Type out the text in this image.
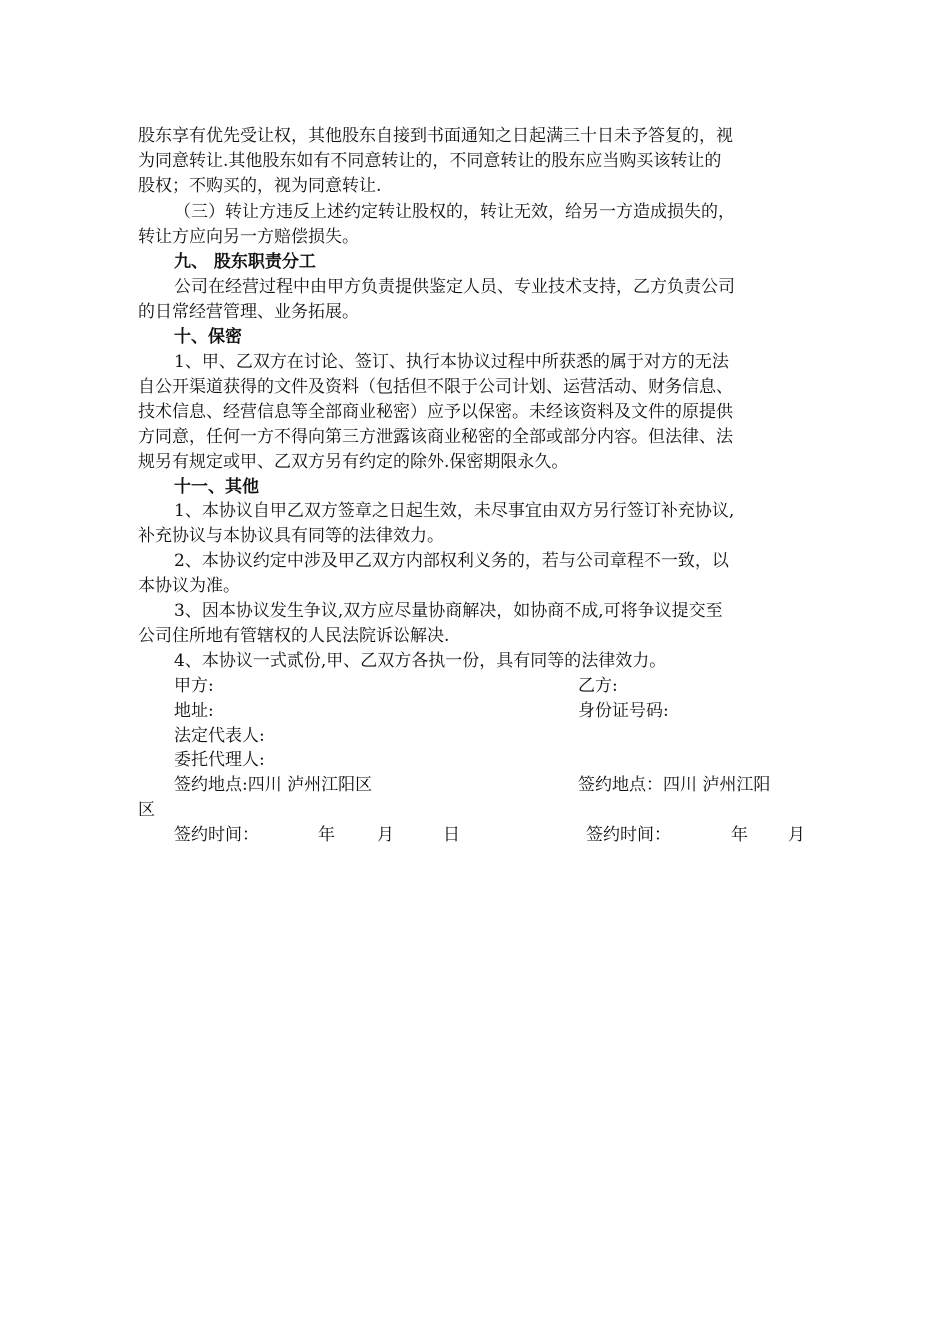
股东享有优先受让权，其他股东自接到书面通知之日起满三十日未予答复的，视
为同意转让.其他股东如有不同意转让的，不同意转让的股东应当购买该转让的
股权；不购买的，视为同意转让.
（三）转让方违反上述约定转让股权的，转让无效，给另一方造成损失的，
转让方应向另一方赔偿损失。
九、 股东职责分工
公司在经营过程中由甲方负责提供鉴定人员、专业技术支持，乙方负责公司
的日常经营管理、业务拓展。
十、保密
1、甲、乙双方在讨论、签订、执行本协议过程中所获悉的属于对方的无法
自公开渠道获得的文件及资料（包括但不限于公司计划、运营活动、财务信息、
技术信息、经营信息等全部商业秘密）应予以保密。未经该资料及文件的原提供
方同意，任何一方不得向第三方泄露该商业秘密的全部或部分内容。但法律、法
规另有规定或甲、乙双方另有约定的除外.保密期限永久。
十一、其他
1、本协议自甲乙双方签章之日起生效，未尽事宜由双方另行签订补充协议,
补充协议与本协议具有同等的法律效力。
2、本协议约定中涉及甲乙双方内部权利义务的，若与公司章程不一致，以
本协议为准。
3、因本协议发生争议,双方应尽量协商解决，如协商不成,可将争议提交至
公司住所地有管辖权的人民法院诉讼解决.
4、本协议一式贰份,甲、乙双方各执一份，具有同等的法律效力。
甲方:	乙方:
地址:	身份证号码:
法定代表人:
委托代理人:
签约地点:四川 泸州江阳区	签约地点：四川 泸州江阳
区
签约时间：	年 月	日	签约时间：	年 月
